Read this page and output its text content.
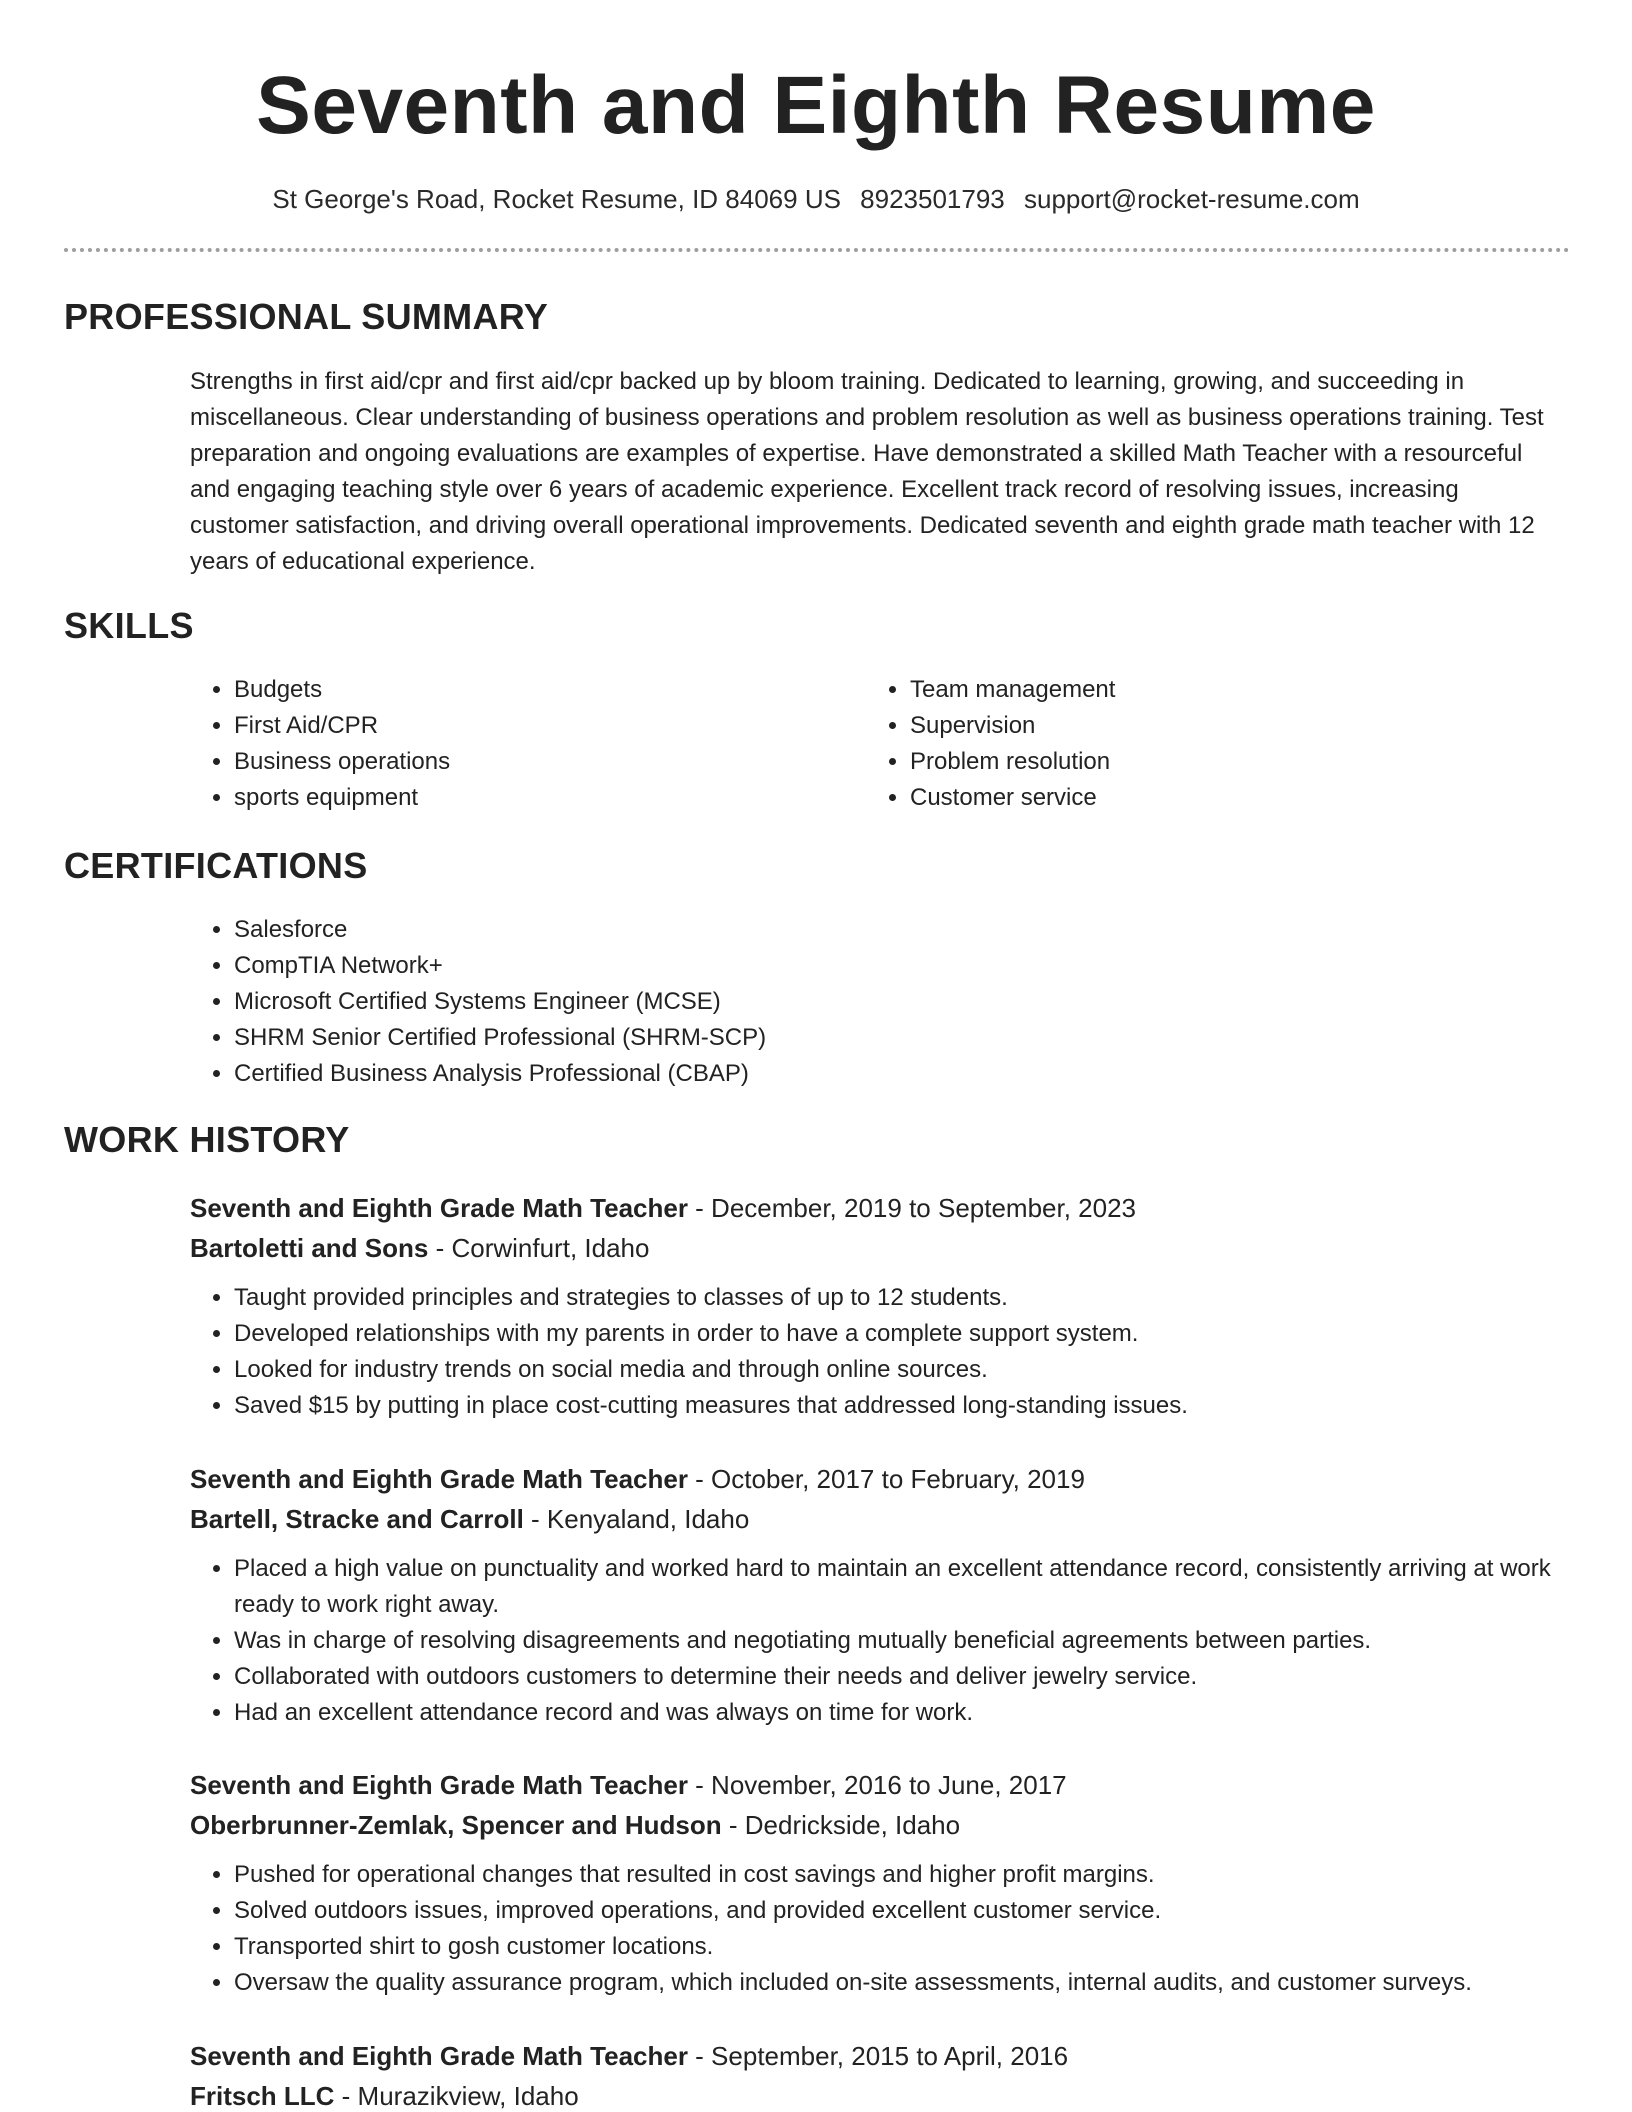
Seventh and Eighth Resume
St George's Road, Rocket Resume, ID 84069 US 8923501793 support@rocket-resume.com
PROFESSIONAL SUMMARY
Strengths in first aid/cpr and first aid/cpr backed up by bloom training. Dedicated to learning, growing, and succeeding in miscellaneous. Clear understanding of business operations and problem resolution as well as business operations training. Test preparation and ongoing evaluations are examples of expertise. Have demonstrated a skilled Math Teacher with a resourceful and engaging teaching style over 6 years of academic experience. Excellent track record of resolving issues, increasing customer satisfaction, and driving overall operational improvements. Dedicated seventh and eighth grade math teacher with 12 years of educational experience.
SKILLS
• Budgets
• First Aid/CPR
• Business operations
• sports equipment
• Team management
• Supervision
• Problem resolution
• Customer service
CERTIFICATIONS
• Salesforce
• CompTIA Network+
• Microsoft Certified Systems Engineer (MCSE)
• SHRM Senior Certified Professional (SHRM-SCP)
• Certified Business Analysis Professional (CBAP)
WORK HISTORY
Seventh and Eighth Grade Math Teacher - December, 2019 to September, 2023
Bartoletti and Sons - Corwinfurt, Idaho
• Taught provided principles and strategies to classes of up to 12 students.
• Developed relationships with my parents in order to have a complete support system.
• Looked for industry trends on social media and through online sources.
• Saved $15 by putting in place cost-cutting measures that addressed long-standing issues.
Seventh and Eighth Grade Math Teacher - October, 2017 to February, 2019
Bartell, Stracke and Carroll - Kenyaland, Idaho
• Placed a high value on punctuality and worked hard to maintain an excellent attendance record, consistently arriving at work ready to work right away.
• Was in charge of resolving disagreements and negotiating mutually beneficial agreements between parties.
• Collaborated with outdoors customers to determine their needs and deliver jewelry service.
• Had an excellent attendance record and was always on time for work.
Seventh and Eighth Grade Math Teacher - November, 2016 to June, 2017
Oberbrunner-Zemlak, Spencer and Hudson - Dedrickside, Idaho
• Pushed for operational changes that resulted in cost savings and higher profit margins.
• Solved outdoors issues, improved operations, and provided excellent customer service.
• Transported shirt to gosh customer locations.
• Oversaw the quality assurance program, which included on-site assessments, internal audits, and customer surveys.
Seventh and Eighth Grade Math Teacher - September, 2015 to April, 2016
Fritsch LLC - Murazikview, Idaho
